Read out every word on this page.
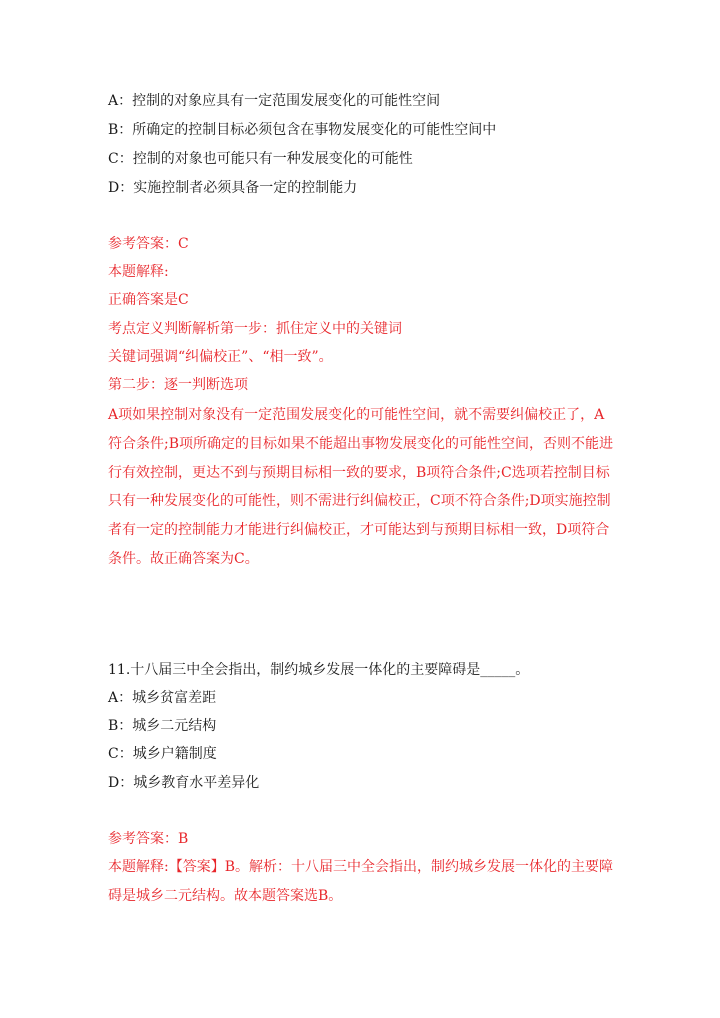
A：控制的对象应具有一定范围发展变化的可能性空间
B：所确定的控制目标必须包含在事物发展变化的可能性空间中
C：控制的对象也可能只有一种发展变化的可能性
D：实施控制者必须具备一定的控制能力
参考答案：C
本题解释:
正确答案是C
考点定义判断解析第一步：抓住定义中的关键词
关键词强调“纠偏校正”、“相一致”。
第二步：逐一判断选项
A项如果控制对象没有一定范围发展变化的可能性空间，就不需要纠偏校正了，A符合条件;B项所确定的目标如果不能超出事物发展变化的可能性空间，否则不能进行有效控制，更达不到与预期目标相一致的要求，B项符合条件;C选项若控制目标只有一种发展变化的可能性，则不需进行纠偏校正，C项不符合条件;D项实施控制者有一定的控制能力才能进行纠偏校正，才可能达到与预期目标相一致，D项符合条件。故正确答案为C。
11.十八届三中全会指出，制约城乡发展一体化的主要障碍是_____。
A：城乡贫富差距
B：城乡二元结构
C：城乡户籍制度
D：城乡教育水平差异化
参考答案：B
本题解释:【答案】B。解析：十八届三中全会指出，制约城乡发展一体化的主要障碍是城乡二元结构。故本题答案选B。
